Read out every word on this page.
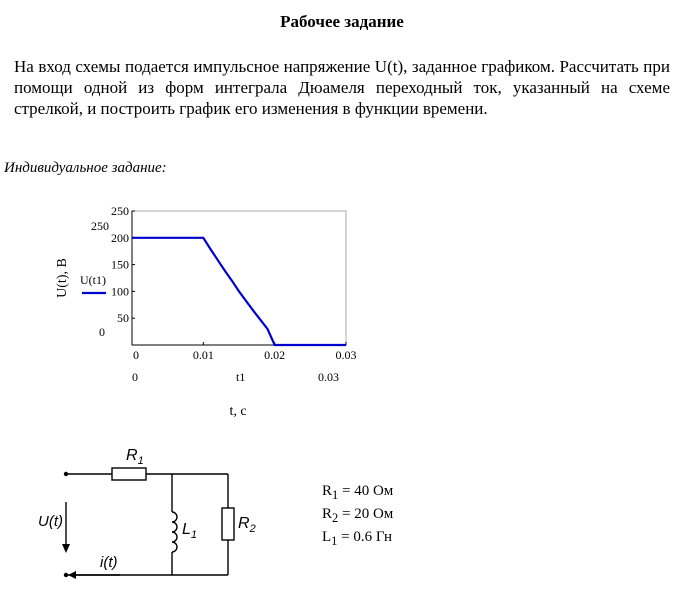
Рабочее задание
На вход схемы подается импульсное напряжение U(t), заданное графиком. Рассчитать при помощи одной из форм интеграла Дюамеля переходный ток, указанный на схеме стрелкой, и построить график его изменения в функции времени.
Индивидуальное задание:
250
200
150
100
50
0	0.01	0.02	0.03
250
0
0	t1	0.03
U(t), B
t, c
U(t1)
U(t)
i(t)
$R_1$
$L_1$
$R_2$
$R_1 = 40$ Ом
$R_2 = 20$ Ом
$L_1 = 0.6$ Гн
